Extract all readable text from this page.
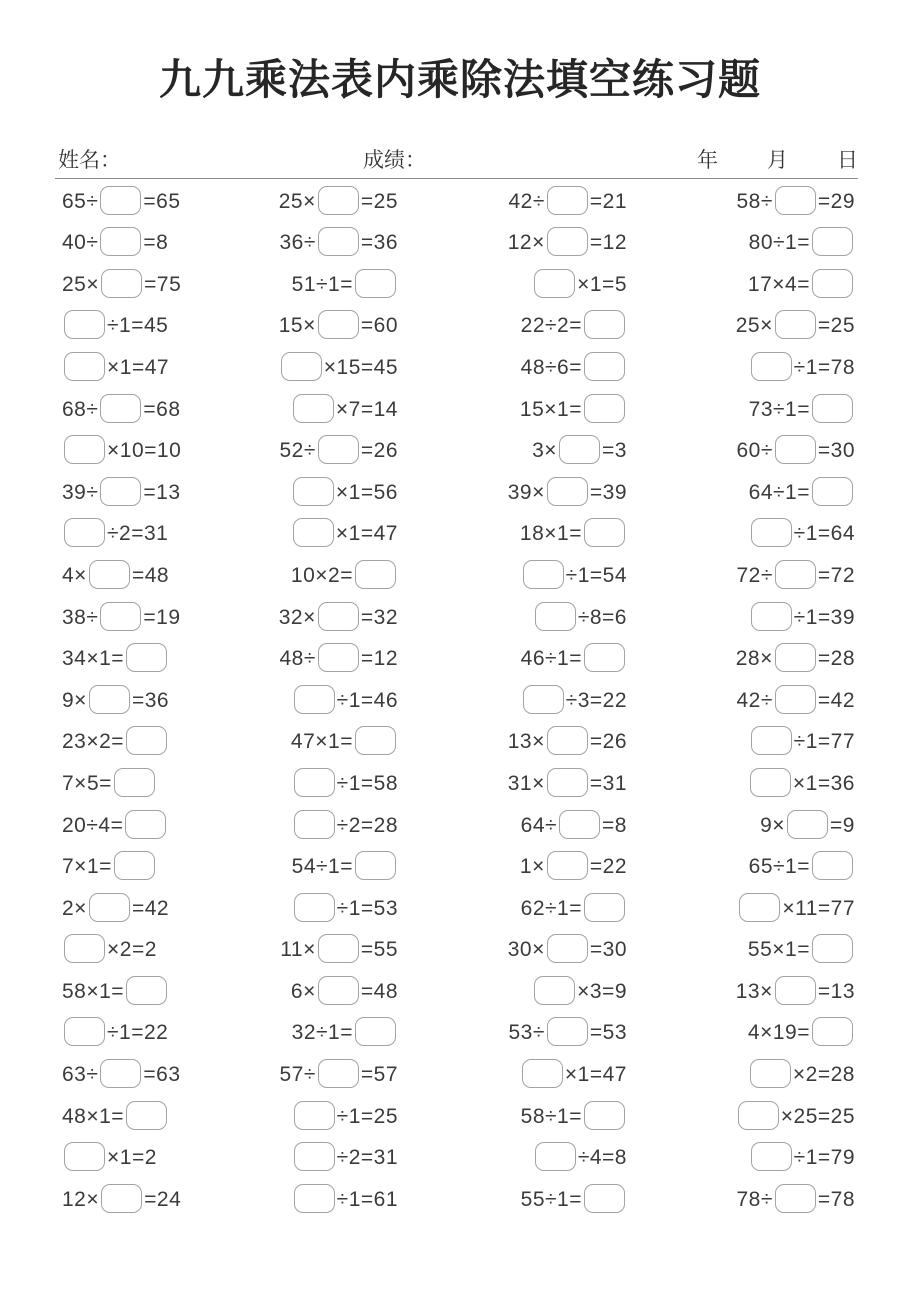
九九乘法表内乘除法填空练习题
姓名：	成绩：	年 月 日
65÷ =65	25× =25	42÷ =21	58÷ =29
40÷ =8	36÷ =36	12× =12	80÷1=
25× =75	51÷1=	×1=5	17×4=
÷1=45	15× =60	22÷2=	25× =25
×1=47	×15=45	48÷6=	÷1=78
68÷ =68	×7=14	15×1=	73÷1=
×10=10	52÷ =26	3× =3	60÷ =30
39÷ =13	×1=56	39× =39	64÷1=
÷2=31	×1=47	18×1=	÷1=64
4× =48	10×2=	÷1=54	72÷ =72
38÷ =19	32× =32	÷8=6	÷1=39
34×1=	48÷ =12	46÷1=	28× =28
9× =36	÷1=46	÷3=22	42÷ =42
23×2=	47×1=	13× =26	÷1=77
7×5=	÷1=58	31× =31	×1=36
20÷4=	÷2=28	64÷ =8	9× =9
7×1=	54÷1=	1× =22	65÷1=
2× =42	÷1=53	62÷1=	×11=77
×2=2	11× =55	30× =30	55×1=
58×1=	6× =48	×3=9	13× =13
÷1=22	32÷1=	53÷ =53	4×19=
63÷ =63	57÷ =57	×1=47	×2=28
48×1=	÷1=25	58÷1=	×25=25
×1=2	÷2=31	÷4=8	÷1=79
12× =24	÷1=61	55÷1=	78÷ =78
